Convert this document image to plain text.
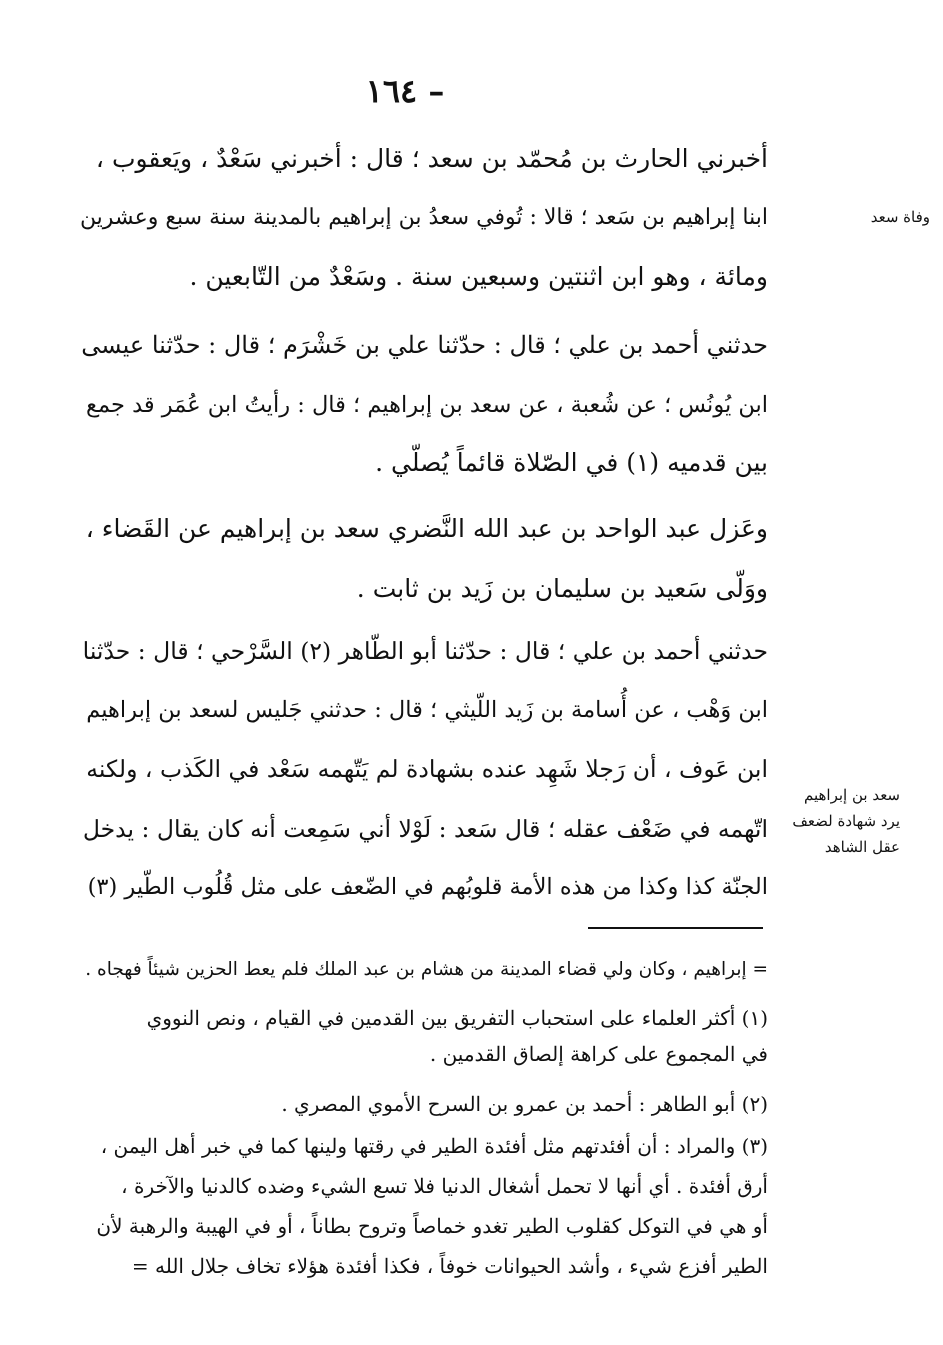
– ١٦٤
أخبرني الحارث بن مُحمّد بن سعد ؛ قال : أخبرني سَعْدٌ ، ويَعقوب ،
ابنا إبراهيم بن سَعد ؛ قالا : تُوفي سعدُ بن إبراهيم بالمدينة سنة سبع وعشرين
ومائة ، وهو ابن اثنتين وسبعين سنة . وسَعْدٌ من التّابعين .
حدثني أحمد بن علي ؛ قال : حدّثنا علي بن خَشْرَم ؛ قال : حدّثنا عيسى
ابن يُونُس ؛ عن شُعبة ، عن سعد بن إبراهيم ؛ قال : رأيتُ ابن عُمَر قد جمع
بين قدميه (١) في الصّلاة قائماً يُصلّي .
وعَزل عبد الواحد بن عبد الله النَّضري سعد بن إبراهيم عن القَضاء ،
ووَلّى سَعيد بن سليمان بن زَيد بن ثابت .
حدثني أحمد بن علي ؛ قال : حدّثنا أبو الطّاهر (٢) السَّرْحي ؛ قال : حدّثنا
ابن وَهْب ، عن أُسامة بن زَيد اللّيثي ؛ قال : حدثني جَليس لسعد بن إبراهيم
ابن عَوف ، أن رَجلا شَهِد عنده بشهادة لم يَتّهمه سَعْد في الكَذب ، ولكنه
اتّهمه في ضَعْف عقله ؛ قال سَعد : لَوْلا أني سَمِعت أنه كان يقال : يدخل
الجنّة كذا وكذا من هذه الأمة قلوبُهم في الضّعف على مثل قُلُوب الطّير (٣)
وفاة سعد
سعد بن إبراهيم
يرد شهادة لضعف
عقل الشاهد
= إبراهيم ، وكان ولي قضاء المدينة من هشام بن عبد الملك فلم يعط الحزين شيئاً فهجاه .
(١) أكثر العلماء على استحباب التفريق بين القدمين في القيام ، ونص النووي
في المجموع على كراهة إلصاق القدمين .
(٢) أبو الطاهر : أحمد بن عمرو بن السرح الأموي المصري .
(٣) والمراد : أن أفئدتهم مثل أفئدة الطير في رقتها ولينها كما في خبر أهل اليمن ،
أرق أفئدة . أي أنها لا تحمل أشغال الدنيا فلا تسع الشيء وضده كالدنيا والآخرة ،
أو هي في التوكل كقلوب الطير تغدو خماصاً وتروح بطاناً ، أو في الهيبة والرهبة لأن
الطير أفزع شيء ، وأشد الحيوانات خوفاً ، فكذا أفئدة هؤلاء تخاف جلال الله =
